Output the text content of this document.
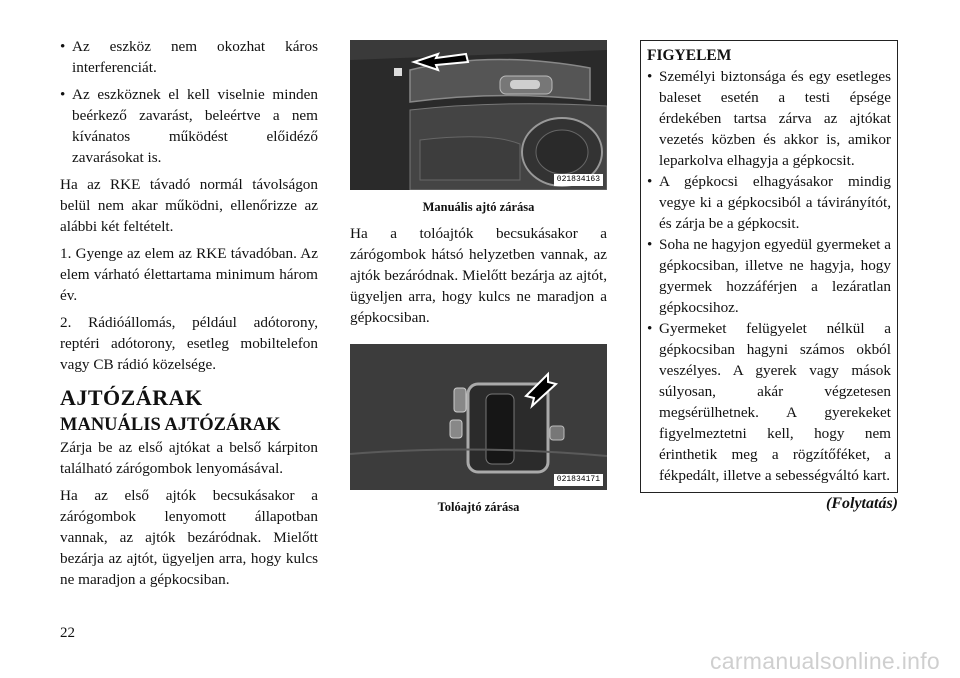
• Az eszköz nem okozhat káros interferenciát.
• Az eszköznek el kell viselnie minden beérkező zavarást, beleértve a nem kívánatos működést előidéző zavarásokat is.

Ha az RKE távadó normál távolságon belül nem akar működni, ellenőrizze az alábbi két feltételt.

1. Gyenge az elem az RKE távadóban. Az elem várható élettartama minimum három év.

2. Rádióállomás, például adótorony, reptéri adótorony, esetleg mobiltelefon vagy CB rádió közelsége.

AJTÓZÁRAK
MANUÁLIS AJTÓZÁRAK

Zárja be az első ajtókat a belső kárpiton található zárógombok lenyomásával.

Ha az első ajtók becsukásakor a zárógombok lenyomott állapotban vannak, az ajtók bezáródnak. Mielőtt bezárja az ajtót, ügyeljen arra, hogy kulcs ne maradjon a gépkocsiban.

021834163
Manuális ajtó zárása

Ha a tolóajtók becsukásakor a zárógombok hátsó helyzetben vannak, az ajtók bezáródnak. Mielőtt bezárja az ajtót, ügyeljen arra, hogy kulcs ne maradjon a gépkocsiban.

021834171
Tolóajtó zárása
FIGYELEM
• Személyi biztonsága és egy esetleges baleset esetén a testi épsége érdekében tartsa zárva az ajtókat vezetés közben és akkor is, amikor leparkolva elhagyja a gépkocsit.
• A gépkocsi elhagyásakor mindig vegye ki a gépkocsiból a távirányítót, és zárja be a gépkocsit.
• Soha ne hagyjon egyedül gyermeket a gépkocsiban, illetve ne hagyja, hogy gyermek hozzáférjen a lezáratlan gépkocsihoz.
• Gyermeket felügyelet nélkül a gépkocsiban hagyni számos okból veszélyes. A gyerek vagy mások súlyosan, akár végzetesen megsérülhetnek. A gyerekeket figyelmeztetni kell, hogy nem érinthetik meg a rögzítőféket, a fékpedált, illetve a sebességváltó kart.
(Folytatás)
22
carmanualsonline.info
